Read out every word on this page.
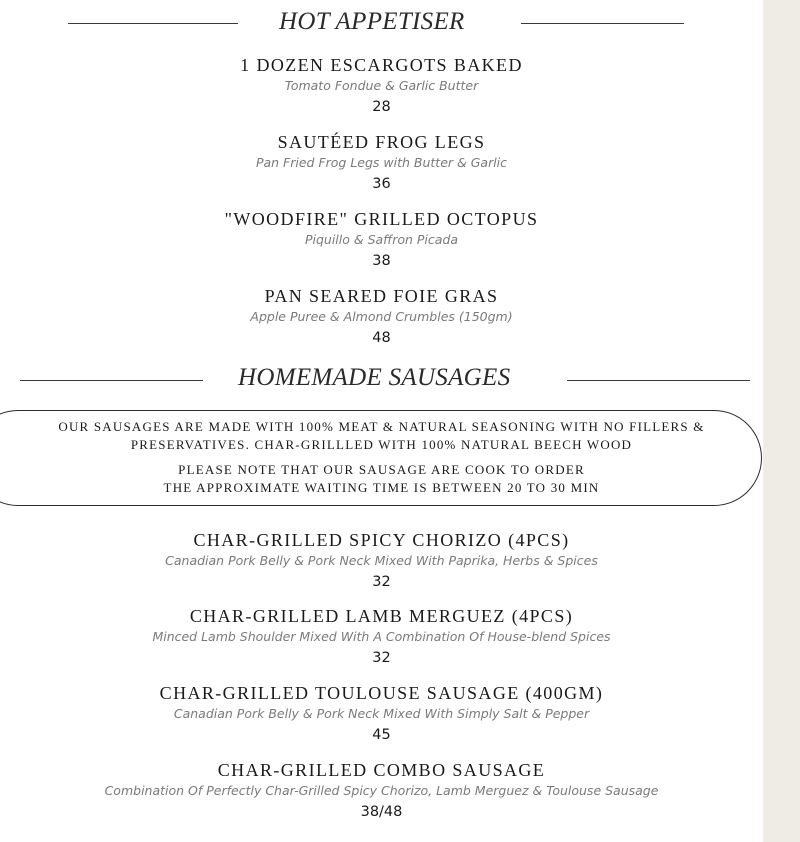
HOT APPETISER
1 DOZEN ESCARGOTS BAKED
Tomato Fondue & Garlic Butter
28
SAUTÉED FROG LEGS
Pan Fried Frog Legs with Butter & Garlic
36
"WOODFIRE" GRILLED OCTOPUS
Piquillo & Saffron Picada
38
PAN SEARED FOIE GRAS
Apple Puree & Almond Crumbles (150gm)
48
HOMEMADE SAUSAGES
OUR SAUSAGES ARE MADE WITH 100% MEAT & NATURAL SEASONING WITH NO FILLERS &
PRESERVATIVES. CHAR-GRILLLED WITH 100% NATURAL BEECH WOOD
PLEASE NOTE THAT OUR SAUSAGE ARE COOK TO ORDER
THE APPROXIMATE WAITING TIME IS BETWEEN 20 TO 30 MIN
CHAR-GRILLED SPICY CHORIZO (4PCS)
Canadian Pork Belly & Pork Neck Mixed With Paprika, Herbs & Spices
32
CHAR-GRILLED LAMB MERGUEZ (4PCS)
Minced Lamb Shoulder Mixed With A Combination Of House-blend Spices
32
CHAR-GRILLED TOULOUSE SAUSAGE (400GM)
Canadian Pork Belly & Pork Neck Mixed With Simply Salt & Pepper
45
CHAR-GRILLED COMBO SAUSAGE
Combination Of Perfectly Char-Grilled Spicy Chorizo, Lamb Merguez & Toulouse Sausage
38/48
